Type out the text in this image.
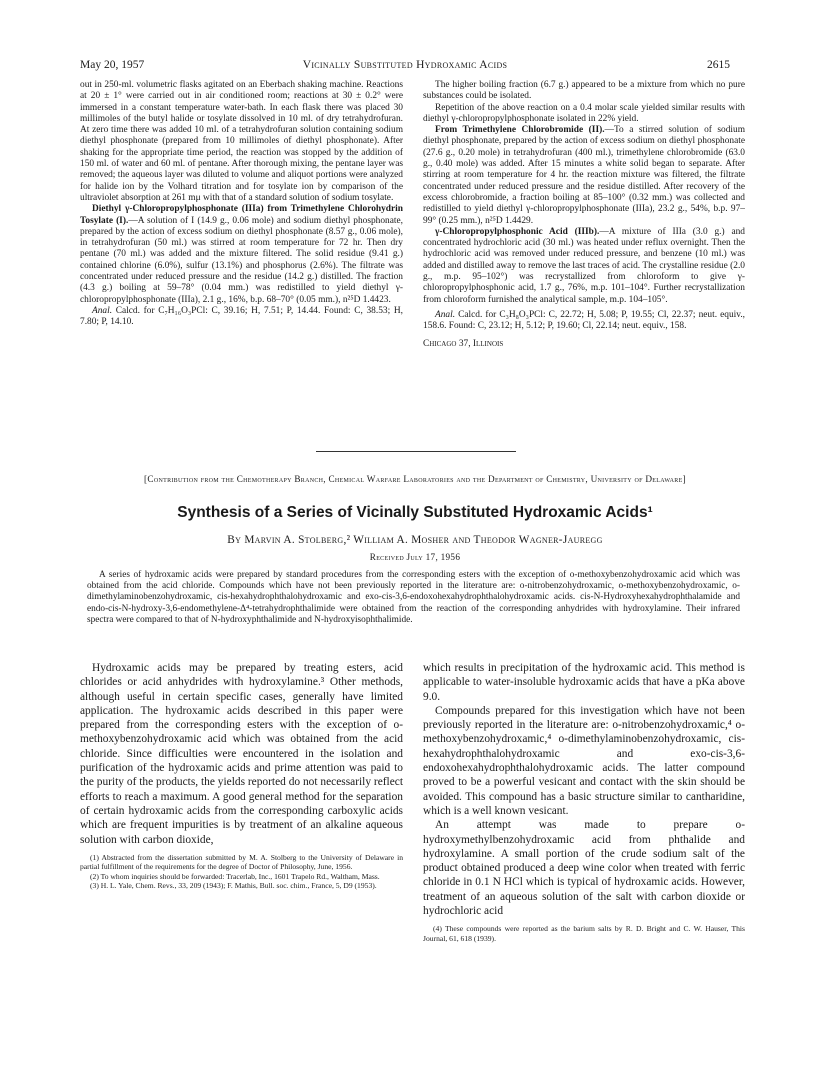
May 20, 1957	Vicinally Substituted Hydroxamic Acids	2615

out in 250-ml. volumetric flasks agitated on an Eberbach shaking machine. Reactions at 20 ± 1° were carried out in air conditioned room; reactions at 30 ± 0.2° were immersed in a constant temperature water-bath. In each flask there was placed 30 millimoles of the butyl halide or tosylate dissolved in 10 ml. of dry tetrahydrofuran. At zero time there was added 10 ml. of a tetrahydrofuran solution containing sodium diethyl phosphonate (prepared from 10 millimoles of diethyl phosphonate). After shaking for the appropriate time period, the reaction was stopped by the addition of 150 ml. of water and 60 ml. of pentane. After thorough mixing, the pentane layer was removed; the aqueous layer was diluted to volume and aliquot portions were analyzed for halide ion by the Volhard titration and for tosylate ion by comparison of the ultraviolet absorption at 261 mμ with that of a standard solution of sodium tosylate.

Diethyl γ-Chloropropylphosphonate (IIIa) from Trimethylene Chlorohydrin Tosylate (I).—A solution of I (14.9 g., 0.06 mole) and sodium diethyl phosphonate, prepared by the action of excess sodium on diethyl phosphonate (8.57 g., 0.06 mole), in tetrahydrofuran (50 ml.) was stirred at room temperature for 72 hr. Then dry pentane (70 ml.) was added and the mixture filtered. The solid residue (9.41 g.) contained chlorine (6.0%), sulfur (13.1%) and phosphorus (2.6%). The filtrate was concentrated under reduced pressure and the residue (14.2 g.) distilled. The fraction (4.3 g.) boiling at 59–78° (0.04 mm.) was redistilled to yield diethyl γ-chloropropylphosphonate (IIIa), 2.1 g., 16%, b.p. 68–70° (0.05 mm.), n²⁵D 1.4423.

Anal. Calcd. for C₇H₁₆O₃PCl: C, 39.16; H, 7.51; P, 14.44. Found: C, 38.53; H, 7.80; P, 14.10.

The higher boiling fraction (6.7 g.) appeared to be a mixture from which no pure substances could be isolated.

Repetition of the above reaction on a 0.4 molar scale yielded similar results with diethyl γ-chloropropylphosphonate isolated in 22% yield.

From Trimethylene Chlorobromide (II).—To a stirred solution of sodium diethyl phosphonate, prepared by the action of excess sodium on diethyl phosphonate (27.6 g., 0.20 mole) in tetrahydrofuran (400 ml.), trimethylene chlorobromide (63.0 g., 0.40 mole) was added. After 15 minutes a white solid began to separate. After stirring at room temperature for 4 hr. the reaction mixture was filtered, the filtrate concentrated under reduced pressure and the residue distilled. After recovery of the excess chlorobromide, a fraction boiling at 85–100° (0.32 mm.) was collected and redistilled to yield diethyl γ-chloropropylphosphonate (IIIa), 23.2 g., 54%, b.p. 97–99° (0.25 mm.), n²⁵D 1.4429.

γ-Chloropropylphosphonic Acid (IIIb).—A mixture of IIIa (3.0 g.) and concentrated hydrochloric acid (30 ml.) was heated under reflux overnight. Then the hydrochloric acid was removed under reduced pressure, and benzene (10 ml.) was added and distilled away to remove the last traces of acid. The crystalline residue (2.0 g., m.p. 95–102°) was recrystallized from chloroform to give γ-chloropropylphosphonic acid, 1.7 g., 76%, m.p. 101–104°. Further recrystallization from chloroform furnished the analytical sample, m.p. 104–105°.

Anal. Calcd. for C₃H₈O₃PCl: C, 22.72; H, 5.08; P, 19.55; Cl, 22.37; neut. equiv., 158.6. Found: C, 23.12; H, 5.12; P, 19.60; Cl, 22.14; neut. equiv., 158.

Chicago 37, Illinois

[Contribution from the Chemotherapy Branch, Chemical Warfare Laboratories and the Department of Chemistry, University of Delaware]
Synthesis of a Series of Vicinally Substituted Hydroxamic Acids¹
By Marvin A. Stolberg,² William A. Mosher and Theodor Wagner-Jauregg
Received July 17, 1956
A series of hydroxamic acids were prepared by standard procedures from the corresponding esters with the exception of o-methoxybenzohydroxamic acid which was obtained from the acid chloride. Compounds which have not been previously reported in the literature are: o-nitrobenzohydroxamic, o-methoxybenzohydroxamic, o-dimethylaminobenzohydroxamic, cis-hexahydrophthalohydroxamic and exo-cis-3,6-endoxohexahydrophthalohydroxamic acids. cis-N-Hydroxyhexahydrophthalamide and endo-cis-N-hydroxy-3,6-endomethylene-Δ⁴-tetrahydrophthalimide were obtained from the reaction of the corresponding anhydrides with hydroxylamine. Their infrared spectra were compared to that of N-hydroxyphthalimide and N-hydroxyisophthalimide.

Hydroxamic acids may be prepared by treating esters, acid chlorides or acid anhydrides with hydroxylamine.³ Other methods, although useful in certain specific cases, generally have limited application. The hydroxamic acids described in this paper were prepared from the corresponding esters with the exception of o-methoxybenzohydroxamic acid which was obtained from the acid chloride. Since difficulties were encountered in the isolation and purification of the hydroxamic acids and prime attention was paid to the purity of the products, the yields reported do not necessarily reflect efforts to reach a maximum. A good general method for the separation of certain hydroxamic acids from the corresponding carboxylic acids which are frequent impurities is by treatment of an alkaline aqueous solution with carbon dioxide,

(1) Abstracted from the dissertation submitted by M. A. Stolberg to the University of Delaware in partial fulfillment of the requirements for the degree of Doctor of Philosophy, June, 1956.

(2) To whom inquiries should be forwarded: Tracerlab, Inc., 1601 Trapelo Rd., Waltham, Mass.

(3) H. L. Yale, Chem. Revs., 33, 209 (1943); F. Mathis, Bull. soc. chim., France, 5, D9 (1953).

which results in precipitation of the hydroxamic acid. This method is applicable to water-insoluble hydroxamic acids that have a pKa above 9.0.

Compounds prepared for this investigation which have not been previously reported in the literature are: o-nitrobenzohydroxamic,⁴ o-methoxybenzohydroxamic,⁴ o-dimethylaminobenzohydroxamic, cis-hexahydrophthalohydroxamic and exo-cis-3,6-endoxohexahydrophthalohydroxamic acids. The latter compound proved to be a powerful vesicant and contact with the skin should be avoided. This compound has a basic structure similar to cantharidine, which is a well known vesicant.

An attempt was made to prepare o-hydroxymethylbenzohydroxamic acid from phthalide and hydroxylamine. A small portion of the crude sodium salt of the product obtained produced a deep wine color when treated with ferric chloride in 0.1 N HCl which is typical of hydroxamic acids. However, treatment of an aqueous solution of the salt with carbon dioxide or hydrochloric acid

(4) These compounds were reported as the barium salts by R. D. Bright and C. W. Hauser, This Journal, 61, 618 (1939).
